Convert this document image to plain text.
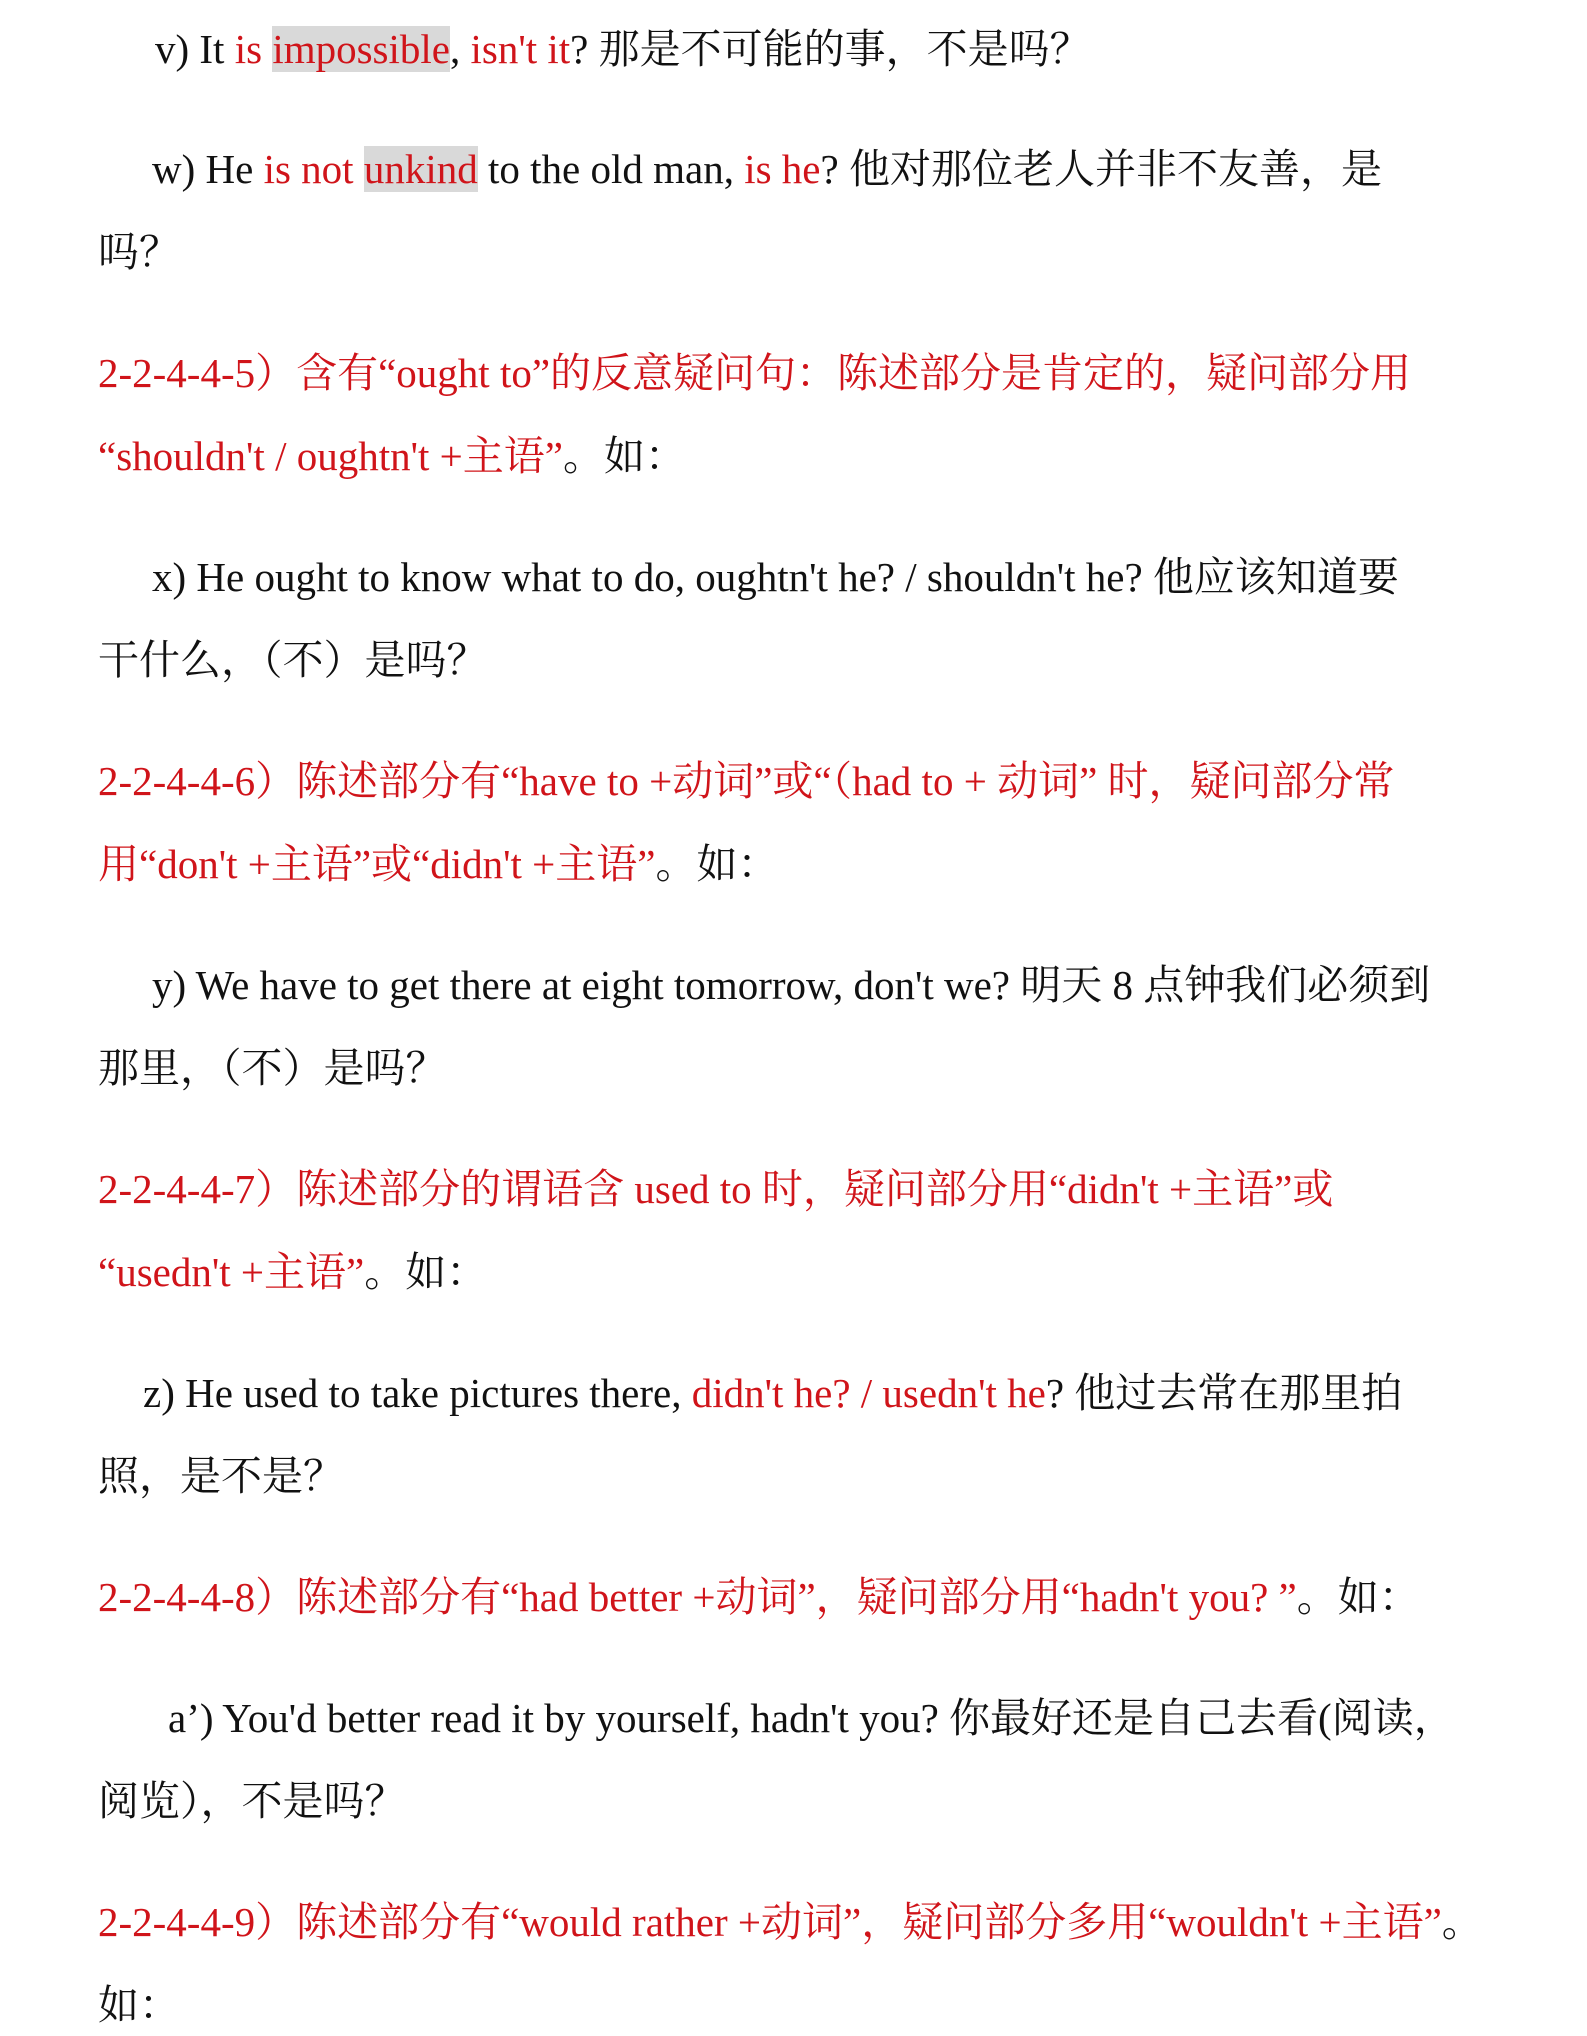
v) It is impossible, isn't it? 那是不可能的事，不是吗？
w) He is not unkind to the old man, is he? 他对那位老人并非不友善，是
吗？
2-2-4-4-5）含有“ought to”的反意疑问句：陈述部分是肯定的，疑问部分用
“shouldn't / oughtn't +主语”。如：
x) He ought to know what to do, oughtn't he? / shouldn't he? 他应该知道要
干什么，（不）是吗？
2-2-4-4-6）陈述部分有“have to +动词”或“（had to + 动词” 时，疑问部分常
用“don't +主语”或“didn't +主语”。如：
y) We have to get there at eight tomorrow, don't we? 明天 8 点钟我们必须到
那里，（不）是吗？
2-2-4-4-7）陈述部分的谓语含 used to 时，疑问部分用“didn't +主语”或
“usedn't +主语”。如：
z) He used to take pictures there, didn't he? / usedn't he? 他过去常在那里拍
照，是不是？
2-2-4-4-8）陈述部分有“had better +动词”，疑问部分用“hadn't you? ”。如：
a’) You'd better read it by yourself, hadn't you? 你最好还是自己去看(阅读，
阅览），不是吗？
2-2-4-4-9）陈述部分有“would rather +动词”，疑问部分多用“wouldn't +主语”。
如：
